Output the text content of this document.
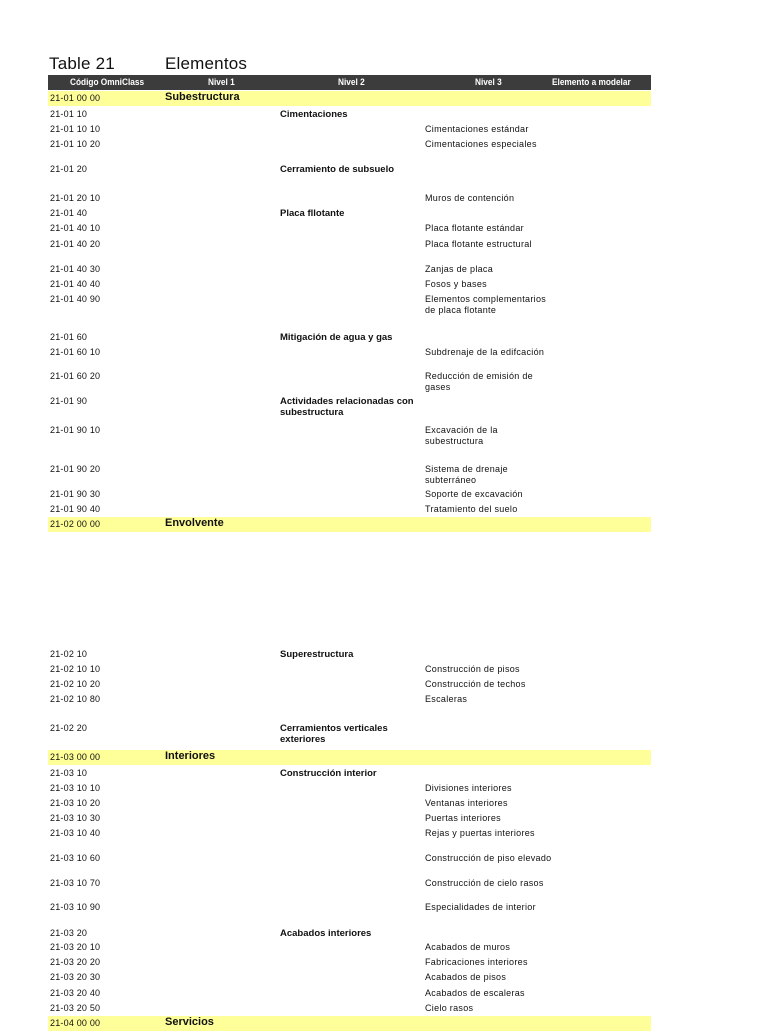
Table 21	Elementos
Código OmniClass	Nivel 1	Nivel 2	Nivel 3	Elemento a modelar
21-01 00 00	Subestructura
21-01 10	Cimentaciones
21-01 10 10	Cimentaciones estándar
21-01 10 20	Cimentaciones especiales
21-01 20	Cerramiento de subsuelo
21-01 20 10	Muros de contención
21-01 40	Placa fllotante
21-01 40 10	Placa flotante estándar
21-01 40 20	Placa flotante estructural
21-01 40 30	Zanjas de placa
21-01 40 40	Fosos y bases
21-01 40 90	Elementos complementarios de placa flotante
21-01 60	Mitigación de agua y gas
21-01 60 10	Subdrenaje de la edifcación
21-01 60 20	Reducción de emisión de gases
21-01 90	Actividades relacionadas con subestructura
21-01 90 10	Excavación de la subestructura
21-01 90 20	Sistema de drenaje subterráneo
21-01 90 30	Soporte de excavación
21-01 90 40	Tratamiento del suelo
21-02 00 00	Envolvente
21-02 10	Superestructura
21-02 10 10	Construcción de pisos
21-02 10 20	Construcción de techos
21-02 10 80	Escaleras
21-02 20	Cerramientos verticales exteriores
21-03 00 00	Interiores
21-03 10	Construcción interior
21-03 10 10	Divisiones interiores
21-03 10 20	Ventanas interiores
21-03 10 30	Puertas interiores
21-03 10 40	Rejas y puertas interiores
21-03 10 60	Construcción de piso elevado
21-03 10 70	Construcción de cielo rasos
21-03 10 90	Especialidades de interior
21-03 20	Acabados interiores
21-03 20 10	Acabados de muros
21-03 20 20	Fabricaciones interiores
21-03 20 30	Acabados de pisos
21-03 20 40	Acabados de escaleras
21-03 20 50	Cielo rasos
21-04 00 00	Servicios
